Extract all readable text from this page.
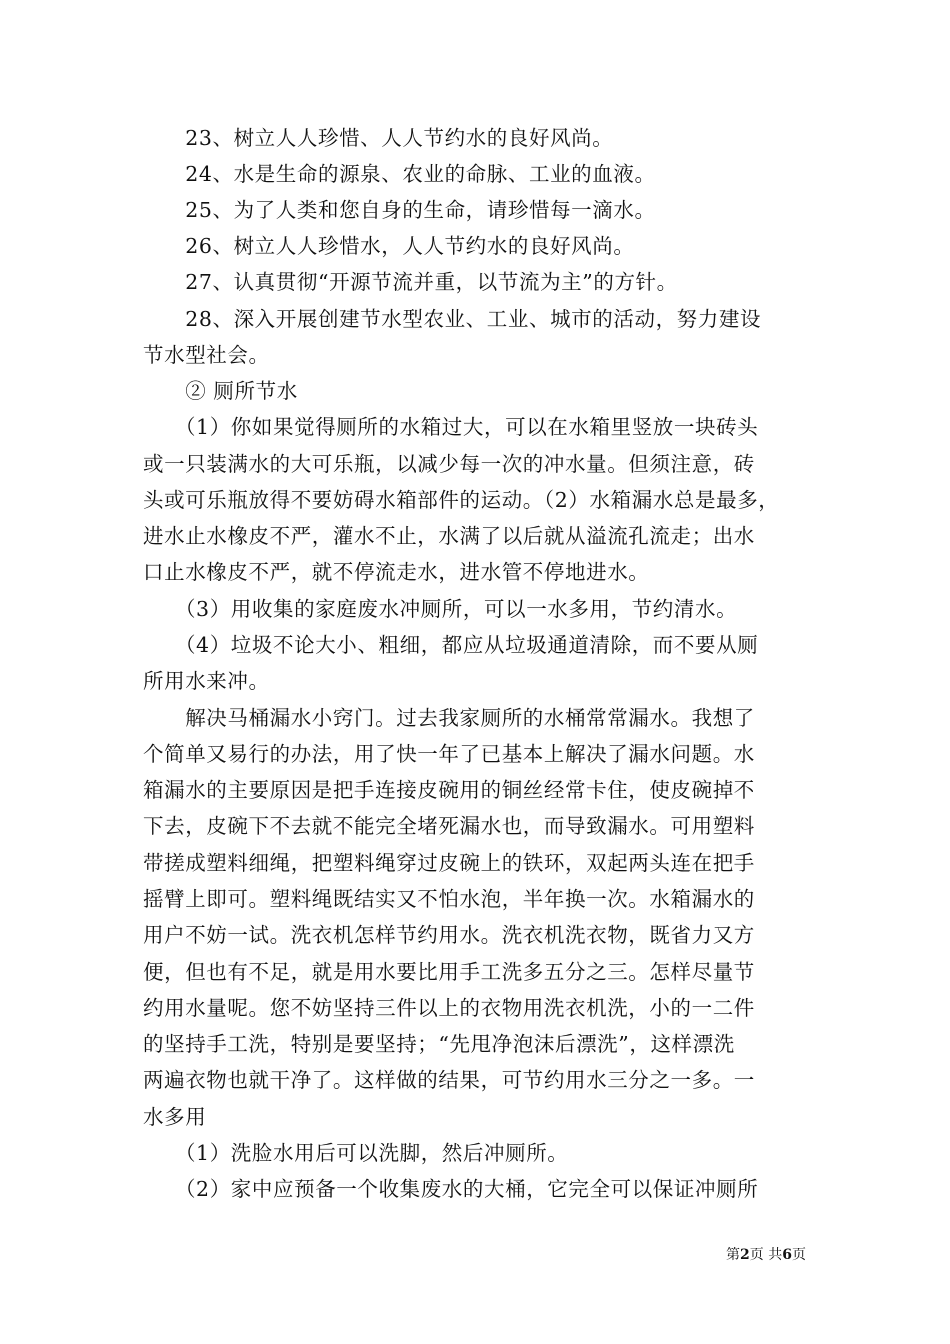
　　23、树立人人珍惜、人人节约水的良好风尚。
　　24、水是生命的源泉、农业的命脉、工业的血液。
　　25、为了人类和您自身的生命，请珍惜每一滴水。
　　26、树立人人珍惜水，人人节约水的良好风尚。
　　27、认真贯彻“开源节流并重，以节流为主”的方针。
　　28、深入开展创建节水型农业、工业、城市的活动，努力建设
节水型社会。
　　② 厕所节水
　　（1）你如果觉得厕所的水箱过大，可以在水箱里竖放一块砖头
或一只装满水的大可乐瓶，以减少每一次的冲水量。但须注意，砖
头或可乐瓶放得不要妨碍水箱部件的运动。（2）水箱漏水总是最多，
进水止水橡皮不严，灌水不止，水满了以后就从溢流孔流走；出水
口止水橡皮不严，就不停流走水，进水管不停地进水。
　　（3）用收集的家庭废水冲厕所，可以一水多用，节约清水。
　　（4）垃圾不论大小、粗细，都应从垃圾通道清除，而不要从厕
所用水来冲。
　　解决马桶漏水小窍门。过去我家厕所的水桶常常漏水。我想了
个简单又易行的办法，用了快一年了已基本上解决了漏水问题。水
箱漏水的主要原因是把手连接皮碗用的铜丝经常卡住，使皮碗掉不
下去，皮碗下不去就不能完全堵死漏水也，而导致漏水。可用塑料
带搓成塑料细绳，把塑料绳穿过皮碗上的铁环，双起两头连在把手
摇臂上即可。塑料绳既结实又不怕水泡，半年换一次。水箱漏水的
用户不妨一试。洗衣机怎样节约用水。洗衣机洗衣物，既省力又方
便，但也有不足，就是用水要比用手工洗多五分之三。怎样尽量节
约用水量呢。您不妨坚持三件以上的衣物用洗衣机洗，小的一二件
的坚持手工洗，特别是要坚持；“先甩净泡沫后漂洗”，这样漂洗
两遍衣物也就干净了。这样做的结果，可节约用水三分之一多。一
水多用
　　（1）洗脸水用后可以洗脚，然后冲厕所。
　　（2）家中应预备一个收集废水的大桶，它完全可以保证冲厕所
第2页 共6页
